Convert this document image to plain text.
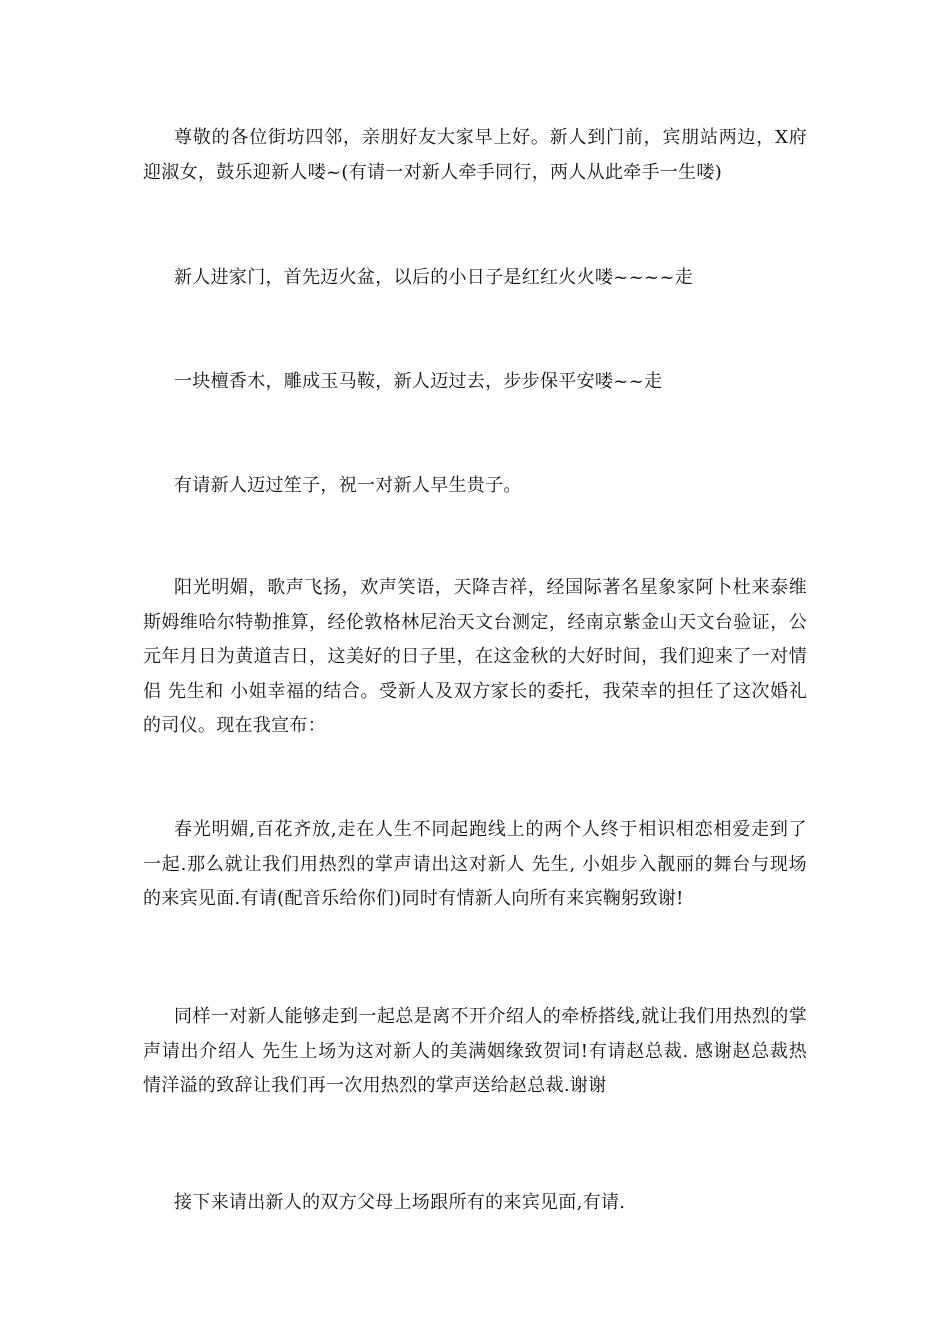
尊敬的各位街坊四邻，亲朋好友大家早上好。新人到门前，宾朋站两边，X府迎淑女，鼓乐迎新人喽~(有请一对新人牵手同行，两人从此牵手一生喽)

新人进家门，首先迈火盆，以后的小日子是红红火火喽~~~~走

一块檀香木，雕成玉马鞍，新人迈过去，步步保平安喽~~走

有请新人迈过笙子，祝一对新人早生贵子。

阳光明媚，歌声飞扬，欢声笑语，天降吉祥，经国际著名星象家阿卜杜来泰维斯姆维哈尔特勒推算，经伦敦格林尼治天文台测定，经南京紫金山天文台验证，公元年月日为黄道吉日，这美好的日子里，在这金秋的大好时间，我们迎来了一对情侣 先生和 小姐幸福的结合。受新人及双方家长的委托，我荣幸的担任了这次婚礼的司仪。现在我宣布：

春光明媚,百花齐放,走在人生不同起跑线上的两个人终于相识相恋相爱走到了一起.那么就让我们用热烈的掌声请出这对新人 先生, 小姐步入靓丽的舞台与现场的来宾见面.有请(配音乐给你们)同时有情新人向所有来宾鞠躬致谢!

同样一对新人能够走到一起总是离不开介绍人的牵桥搭线,就让我们用热烈的掌声请出介绍人 先生上场为这对新人的美满姻缘致贺词!有请赵总裁. 感谢赵总裁热情洋溢的致辞让我们再一次用热烈的掌声送给赵总裁.谢谢

接下来请出新人的双方父母上场跟所有的来宾见面,有请.
